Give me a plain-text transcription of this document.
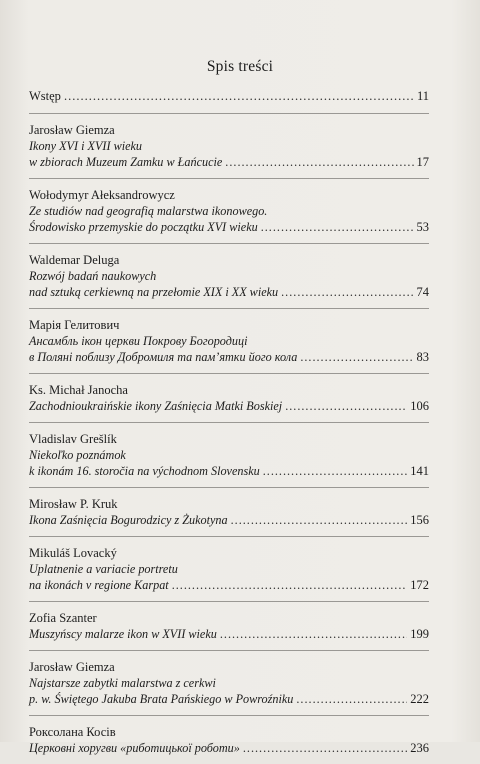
Spis treści
Wstęp .....	11
Jarosław Giemza
Ikony XVI i XVII wieku
w zbiorach Muzeum Zamku w Łańcucie .....	17
Wołodymyr Ałeksandrowycz
Ze studiów nad geografią malarstwa ikonowego.
Środowisko przemyskie do początku XVI wieku .....	53
Waldemar Deluga
Rozwój badań naukowych
nad sztuką cerkiewną na przełomie XIX i XX wieku .....	74
Марія Гелитович
Ансамбль ікон церкви Покрову Богородиці
в Поляні поблизу Добромиля та пам’ятки його кола .....	83
Ks. Michał Janocha
Zachodnioukraińskie ikony Zaśnięcia Matki Boskiej .....	106
Vladislav Grešlík
Niekoľko poznámok
k ikonám 16. storočia na východnom Slovensku .....	141
Mirosław P. Kruk
Ikona Zaśnięcia Bogurodzicy z Żukotyna .....	156
Mikuláš Lovacký
Uplatnenie a variacie portretu
na ikonách v regione Karpat .....	172
Zofia Szanter
Muszyńscy malarze ikon w XVII wieku .....	199
Jarosław Giemza
Najstarsze zabytki malarstwa z cerkwi
p. w. Świętego Jakuba Brata Pańskiego w Powroźniku .....	222
Роксолана Косів
Церковні хоругви «риботицької роботи» .....	236
